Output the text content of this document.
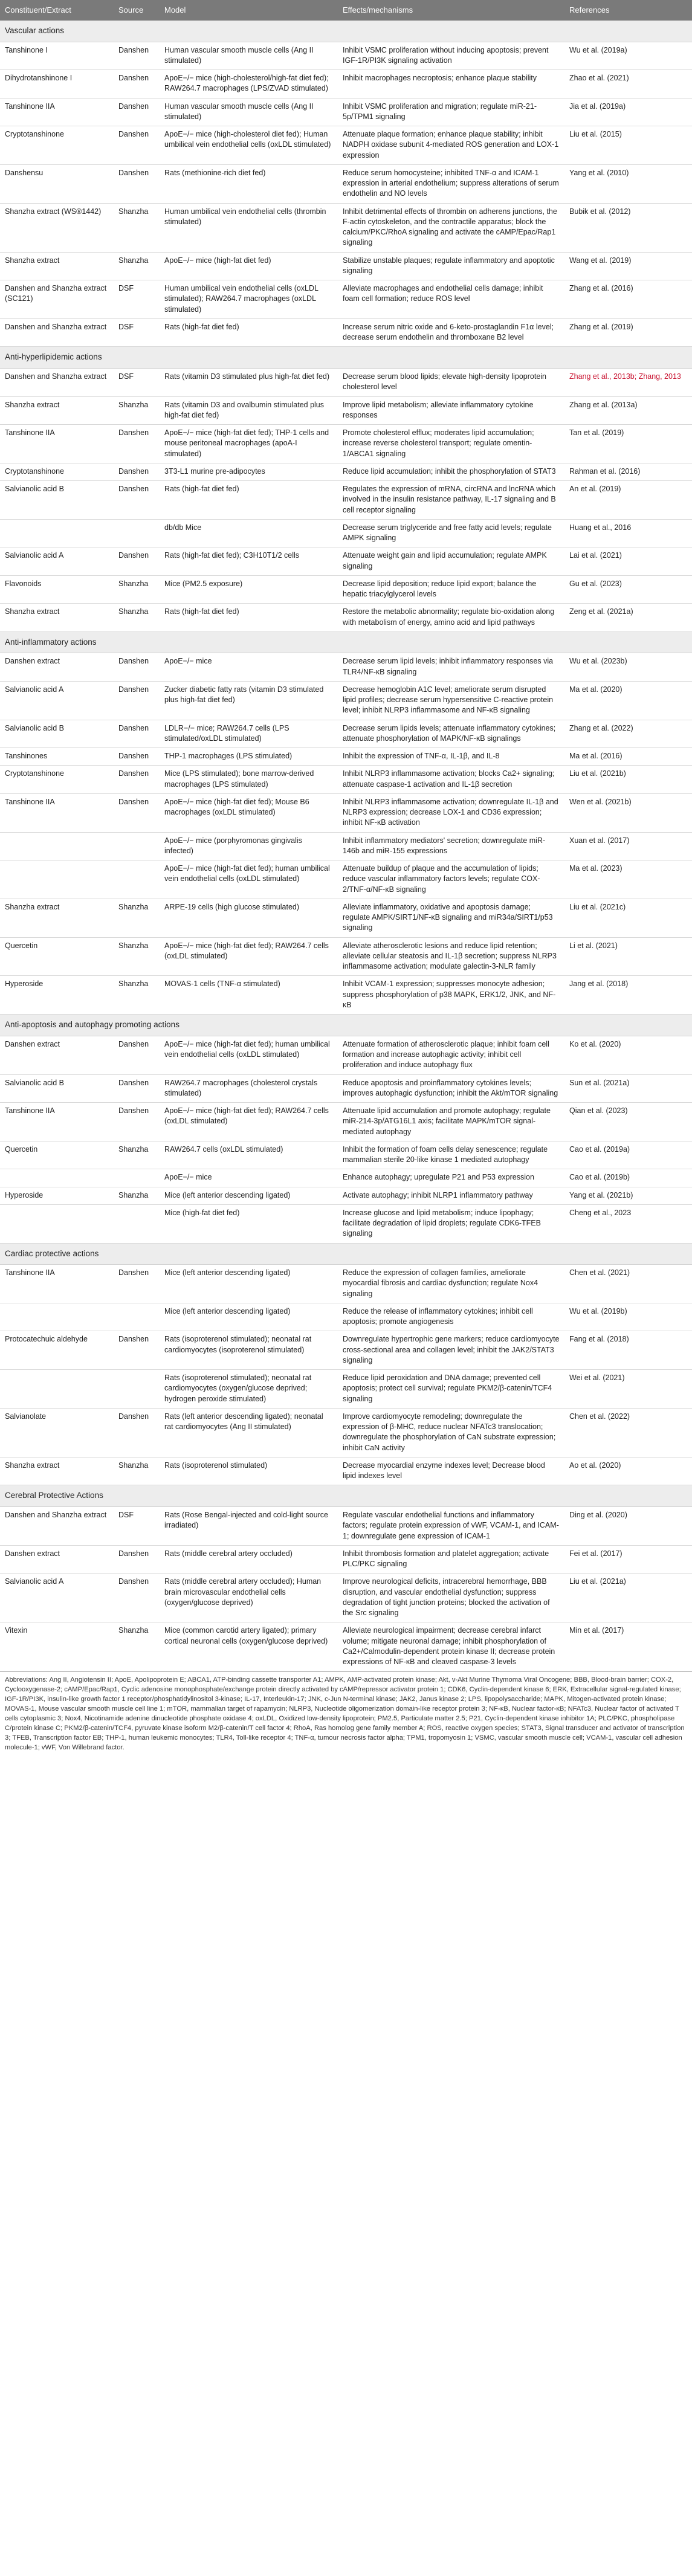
Constituent/Extract	Source	Model	Effects/mechanisms	References
Vascular actions				
Tanshinone I	Danshen	Human vascular smooth muscle cells (Ang II stimulated)	Inhibit VSMC proliferation without inducing apoptosis; prevent IGF-1R/PI3K signaling activation	Wu et al. (2019a)
Dihydrotanshinone I	Danshen	ApoE−/− mice (high-cholesterol/high-fat diet fed); RAW264.7 macrophages (LPS/ZVAD stimulated)	Inhibit macrophages necroptosis; enhance plaque stability	Zhao et al. (2021)
Tanshinone IIA	Danshen	Human vascular smooth muscle cells (Ang II stimulated)	Inhibit VSMC proliferation and migration; regulate miR-21-5p/TPM1 signaling	Jia et al. (2019a)
Cryptotanshinone	Danshen	ApoE−/− mice (high-cholesterol diet fed); Human umbilical vein endothelial cells (oxLDL stimulated)	Attenuate plaque formation; enhance plaque stability; inhibit NADPH oxidase subunit 4-mediated ROS generation and LOX-1 expression	Liu et al. (2015)
Danshensu	Danshen	Rats (methionine-rich diet fed)	Reduce serum homocysteine; inhibited TNF-α and ICAM-1 expression in arterial endothelium; suppress alterations of serum endothelin and NO levels	Yang et al. (2010)
Shanzha extract (WS®1442)	Shanzha	Human umbilical vein endothelial cells (thrombin stimulated)	Inhibit detrimental effects of thrombin on adherens junctions, the F-actin cytoskeleton, and the contractile apparatus; block the calcium/PKC/RhoA signaling and activate the cAMP/Epac/Rap1 signaling	Bubik et al. (2012)
Shanzha extract	Shanzha	ApoE−/− mice (high-fat diet fed)	Stabilize unstable plaques; regulate inflammatory and apoptotic signaling	Wang et al. (2019)
Danshen and Shanzha extract (SC121)	DSF	Human umbilical vein endothelial cells (oxLDL stimulated); RAW264.7 macrophages (oxLDL stimulated)	Alleviate macrophages and endothelial cells damage; inhibit foam cell formation; reduce ROS level	Zhang et al. (2016)
Danshen and Shanzha extract	DSF	Rats (high-fat diet fed)	Increase serum nitric oxide and 6-keto-prostaglandin F1α level; decrease serum endothelin and thromboxane B2 level	Zhang et al. (2019)
Anti-hyperlipidemic actions				
Danshen and Shanzha extract	DSF	Rats (vitamin D3 stimulated plus high-fat diet fed)	Decrease serum blood lipids; elevate high-density lipoprotein cholesterol level	Zhang et al., 2013b; Zhang, 2013
Shanzha extract	Shanzha	Rats (vitamin D3 and ovalbumin stimulated plus high-fat diet fed)	Improve lipid metabolism; alleviate inflammatory cytokine responses	Zhang et al. (2013a)
Tanshinone IIA	Danshen	ApoE−/− mice (high-fat diet fed); THP-1 cells and mouse peritoneal macrophages (apoA-I stimulated)	Promote cholesterol efflux; moderates lipid accumulation; increase reverse cholesterol transport; regulate omentin-1/ABCA1 signaling	Tan et al. (2019)
Cryptotanshinone	Danshen	3T3-L1 murine pre-adipocytes	Reduce lipid accumulation; inhibit the phosphorylation of STAT3	Rahman et al. (2016)
Salvianolic acid B	Danshen	Rats (high-fat diet fed)	Regulates the expression of mRNA, circRNA and lncRNA which involved in the insulin resistance pathway, IL-17 signaling and B cell receptor signaling	An et al. (2019)
		db/db Mice	Decrease serum triglyceride and free fatty acid levels; regulate AMPK signaling	Huang et al., 2016
Salvianolic acid A	Danshen	Rats (high-fat diet fed); C3H10T1/2 cells	Attenuate weight gain and lipid accumulation; regulate AMPK signaling	Lai et al. (2021)
Flavonoids	Shanzha	Mice (PM2.5 exposure)	Decrease lipid deposition; reduce lipid export; balance the hepatic triacylglycerol levels	Gu et al. (2023)
Shanzha extract	Shanzha	Rats (high-fat diet fed)	Restore the metabolic abnormality; regulate bio-oxidation along with metabolism of energy, amino acid and lipid pathways	Zeng et al. (2021a)
Anti-inflammatory actions				
Danshen extract	Danshen	ApoE−/− mice	Decrease serum lipid levels; inhibit inflammatory responses via TLR4/NF-κB signaling	Wu et al. (2023b)
Salvianolic acid A	Danshen	Zucker diabetic fatty rats (vitamin D3 stimulated plus high-fat diet fed)	Decrease hemoglobin A1C level; ameliorate serum disrupted lipid profiles; decrease serum hypersensitive C-reactive protein level; inhibit NLRP3 inflammasome and NF-κB signaling	Ma et al. (2020)
Salvianolic acid B	Danshen	LDLR−/− mice; RAW264.7 cells (LPS stimulated/oxLDL stimulated)	Decrease serum lipids levels; attenuate inflammatory cytokines; attenuate phosphorylation of MAPK/NF-κB signalings	Zhang et al. (2022)
Tanshinones	Danshen	THP-1 macrophages (LPS stimulated)	Inhibit the expression of TNF-α, IL-1β, and IL-8	Ma et al. (2016)
Cryptotanshinone	Danshen	Mice (LPS stimulated); bone marrow-derived macrophages (LPS stimulated)	Inhibit NLRP3 inflammasome activation; blocks Ca2+ signaling; attenuate caspase-1 activation and IL-1β secretion	Liu et al. (2021b)
Tanshinone IIA	Danshen	ApoE−/− mice (high-fat diet fed); Mouse B6 macrophages (oxLDL stimulated)	Inhibit NLRP3 inflammasome activation; downregulate IL-1β and NLRP3 expression; decrease LOX-1 and CD36 expression; inhibit NF-κB activation	Wen et al. (2021b)
		ApoE−/− mice (porphyromonas gingivalis infected)	Inhibit inflammatory mediators' secretion; downregulate miR-146b and miR-155 expressions	Xuan et al. (2017)
		ApoE−/− mice (high-fat diet fed); human umbilical vein endothelial cells (oxLDL stimulated)	Attenuate buildup of plaque and the accumulation of lipids; reduce vascular inflammatory factors levels; regulate COX-2/TNF-α/NF-κB signaling	Ma et al. (2023)
Shanzha extract	Shanzha	ARPE-19 cells (high glucose stimulated)	Alleviate inflammatory, oxidative and apoptosis damage; regulate AMPK/SIRT1/NF-κB signaling and miR34a/SIRT1/p53 signaling	Liu et al. (2021c)
Quercetin	Shanzha	ApoE−/− mice (high-fat diet fed); RAW264.7 cells (oxLDL stimulated)	Alleviate atherosclerotic lesions and reduce lipid retention; alleviate cellular steatosis and IL-1β secretion; suppress NLRP3 inflammasome activation; modulate galectin-3-NLR family	Li et al. (2021)
Hyperoside	Shanzha	MOVAS-1 cells (TNF-α stimulated)	Inhibit VCAM-1 expression; suppresses monocyte adhesion; suppress phosphorylation of p38 MAPK, ERK1/2, JNK, and NF-κB	Jang et al. (2018)
Anti-apoptosis and autophagy promoting actions				
Danshen extract	Danshen	ApoE−/− mice (high-fat diet fed); human umbilical vein endothelial cells (oxLDL stimulated)	Attenuate formation of atherosclerotic plaque; inhibit foam cell formation and increase autophagic activity; inhibit cell proliferation and induce autophagy flux	Ko et al. (2020)
Salvianolic acid B	Danshen	RAW264.7 macrophages (cholesterol crystals stimulated)	Reduce apoptosis and proinflammatory cytokines levels; improves autophagic dysfunction; inhibit the Akt/mTOR signaling	Sun et al. (2021a)
Tanshinone IIA	Danshen	ApoE−/− mice (high-fat diet fed); RAW264.7 cells (oxLDL stimulated)	Attenuate lipid accumulation and promote autophagy; regulate miR-214-3p/ATG16L1 axis; facilitate MAPK/mTOR signal-mediated autophagy	Qian et al. (2023)
Quercetin	Shanzha	RAW264.7 cells (oxLDL stimulated)	Inhibit the formation of foam cells delay senescence; regulate mammalian sterile 20-like kinase 1 mediated autophagy	Cao et al. (2019a)
		ApoE−/− mice	Enhance autophagy; upregulate P21 and P53 expression	Cao et al. (2019b)
Hyperoside	Shanzha	Mice (left anterior descending ligated)	Activate autophagy; inhibit NLRP1 inflammatory pathway	Yang et al. (2021b)
		Mice (high-fat diet fed)	Increase glucose and lipid metabolism; induce lipophagy; facilitate degradation of lipid droplets; regulate CDK6-TFEB signaling	Cheng et al., 2023
Cardiac protective actions				
Tanshinone IIA	Danshen	Mice (left anterior descending ligated)	Reduce the expression of collagen families, ameliorate myocardial fibrosis and cardiac dysfunction; regulate Nox4 signaling	Chen et al. (2021)
		Mice (left anterior descending ligated)	Reduce the release of inflammatory cytokines; inhibit cell apoptosis; promote angiogenesis	Wu et al. (2019b)
Protocatechuic aldehyde	Danshen	Rats (isoproterenol stimulated); neonatal rat cardiomyocytes (isoproterenol stimulated)	Downregulate hypertrophic gene markers; reduce cardiomyocyte cross-sectional area and collagen level; inhibit the JAK2/STAT3 signaling	Fang et al. (2018)
		Rats (isoproterenol stimulated); neonatal rat cardiomyocytes (oxygen/glucose deprived; hydrogen peroxide stimulated)	Reduce lipid peroxidation and DNA damage; prevented cell apoptosis; protect cell survival; regulate PKM2/β-catenin/TCF4 signaling	Wei et al. (2021)
Salvianolate	Danshen	Rats (left anterior descending ligated); neonatal rat cardiomyocytes (Ang II stimulated)	Improve cardiomyocyte remodeling; downregulate the expression of β-MHC, reduce nuclear NFATc3 translocation; downregulate the phosphorylation of CaN substrate expression; inhibit CaN activity	Chen et al. (2022)
Shanzha extract	Shanzha	Rats (isoproterenol stimulated)	Decrease myocardial enzyme indexes level; Decrease blood lipid indexes level	Ao et al. (2020)
Cerebral Protective Actions				
Danshen and Shanzha extract	DSF	Rats (Rose Bengal-injected and cold-light source irradiated)	Regulate vascular endothelial functions and inflammatory factors; regulate protein expression of vWF, VCAM-1, and ICAM-1; downregulate gene expression of ICAM-1	Ding et al. (2020)
Danshen extract	Danshen	Rats (middle cerebral artery occluded)	Inhibit thrombosis formation and platelet aggregation; activate PLC/PKC signaling	Fei et al. (2017)
Salvianolic acid A	Danshen	Rats (middle cerebral artery occluded); Human brain microvascular endothelial cells (oxygen/glucose deprived)	Improve neurological deficits, intracerebral hemorrhage, BBB disruption, and vascular endothelial dysfunction; suppress degradation of tight junction proteins; blocked the activation of the Src signaling	Liu et al. (2021a)
Vitexin	Shanzha	Mice (common carotid artery ligated); primary cortical neuronal cells (oxygen/glucose deprived)	Alleviate neurological impairment; decrease cerebral infarct volume; mitigate neuronal damage; inhibit phosphorylation of Ca2+/Calmodulin-dependent protein kinase II; decrease protein expressions of NF-κB and cleaved caspase-3 levels	Min et al. (2017)
Abbreviations: Ang II, Angiotensin II; ApoE, Apolipoprotein E; ABCA1, ATP-binding cassette transporter A1; AMPK, AMP-activated protein kinase; Akt, v-Akt Murine Thymoma Viral Oncogene; BBB, Blood-brain barrier; COX-2, Cyclooxygenase-2; cAMP/Epac/Rap1, Cyclic adenosine monophosphate/exchange protein directly activated by cAMP/repressor activator protein 1; CDK6, Cyclin-dependent kinase 6; ERK, Extracellular signal-regulated kinase; IGF-1R/PI3K, insulin-like growth factor 1 receptor/phosphatidylinositol 3-kinase; IL-17, Interleukin-17; JNK, c-Jun N-terminal kinase; JAK2, Janus kinase 2; LPS, lipopolysaccharide; MAPK, Mitogen-activated protein kinase; MOVAS-1, Mouse vascular smooth muscle cell line 1; mTOR, mammalian target of rapamycin; NLRP3, Nucleotide oligomerization domain-like receptor protein 3; NF-κB, Nuclear factor-κB; NFATc3, Nuclear factor of activated T cells cytoplasmic 3; Nox4, Nicotinamide adenine dinucleotide phosphate oxidase 4; oxLDL, Oxidized low-density lipoprotein; PM2.5, Particulate matter 2.5; P21, Cyclin-dependent kinase inhibitor 1A; PLC/PKC, phospholipase C/protein kinase C; PKM2/β-catenin/TCF4, pyruvate kinase isoform M2/β-catenin/T cell factor 4; RhoA, Ras homolog gene family member A; ROS, reactive oxygen species; STAT3, Signal transducer and activator of transcription 3; TFEB, Transcription factor EB; THP-1, human leukemic monocytes; TLR4, Toll-like receptor 4; TNF-α, tumour necrosis factor alpha; TPM1, tropomyosin 1; VSMC, vascular smooth muscle cell; VCAM-1, vascular cell adhesion molecule-1; vWF, Von Willebrand factor.
